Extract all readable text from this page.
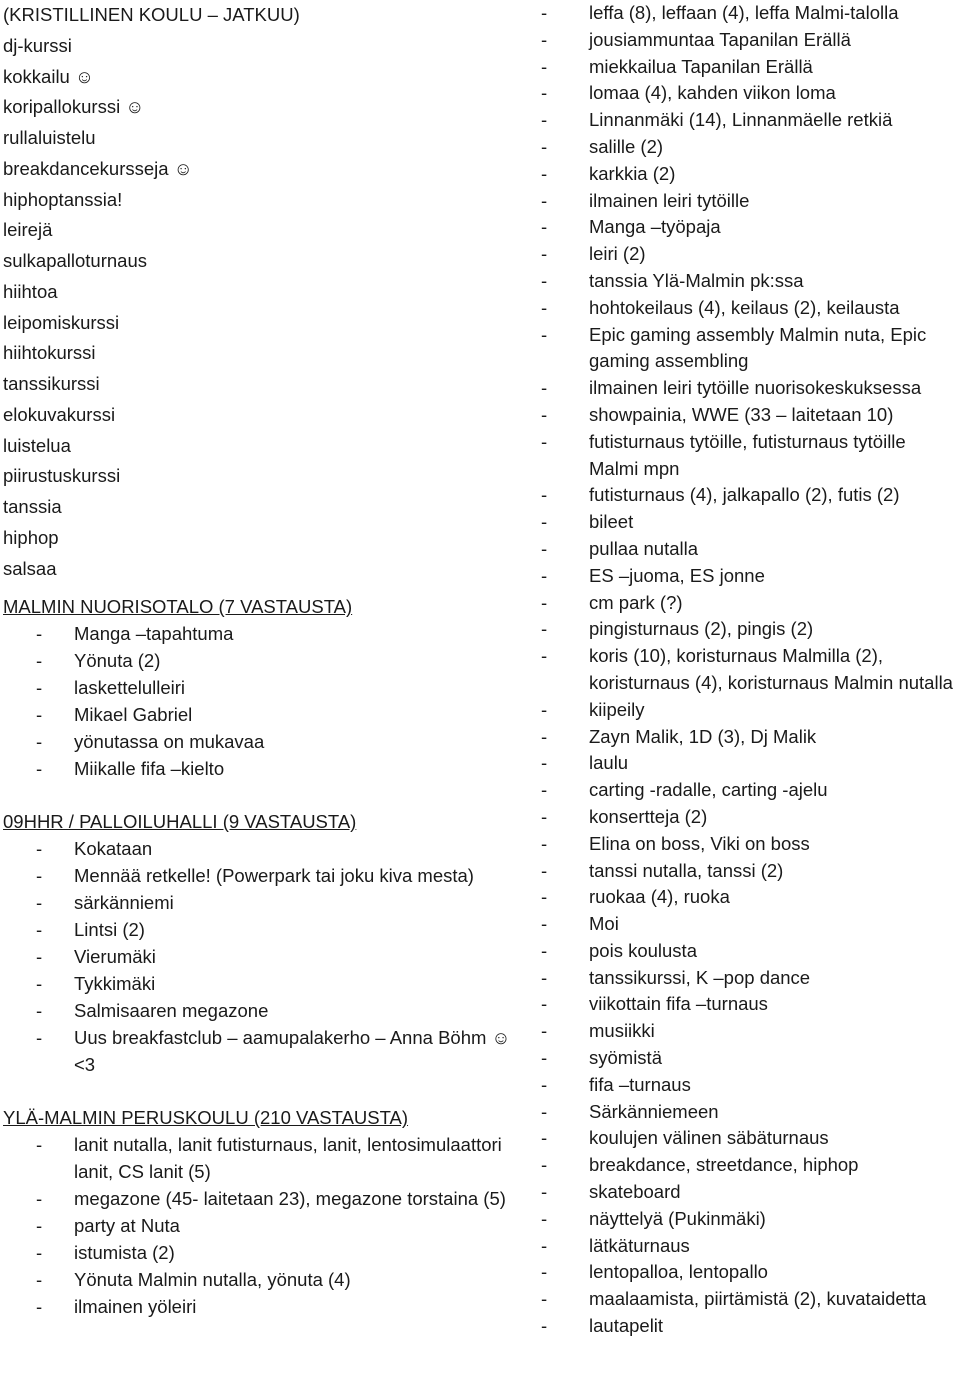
(KRISTILLINEN KOULU – JATKUU)
dj-kurssi
kokkailu ☺
koripallokurssi ☺
rullaluistelu
breakdancekursseja ☺
hiphoptanssia!
leirejä
sulkapalloturnaus
hiihtoa
leipomiskurssi
hiihtokurssi
tanssikurssi
elokuvakurssi
luistelua
piirustuskurssi
tanssia
hiphop
salsaa
MALMIN NUORISOTALO (7 VASTAUSTA)
- Manga –tapahtuma
- Yönuta (2)
- laskettelulleiri
- Mikael Gabriel
- yönutassa on mukavaa
- Miikalle fifa –kielto
09HHR / PALLOILUHALLI (9 VASTAUSTA)
- Kokataan
- Mennää retkelle! (Powerpark tai joku kiva mesta)
- särkänniemi
- Lintsi (2)
- Vierumäki
- Tykkimäki
- Salmisaaren megazone
- Uus breakfastclub – aamupalakerho – Anna Böhm ☺ <3
YLÄ-MALMIN PERUSKOULU (210 VASTAUSTA)
- lanit nutalla, lanit futisturnaus, lanit, lentosimulaattori lanit, CS lanit (5)
- megazone (45- laitetaan 23), megazone torstaina (5)
- party at Nuta
- istumista (2)
- Yönuta Malmin nutalla, yönuta (4)
- ilmainen yöleiri
- leffa (8), leffaan (4), leffa Malmi-talolla
- jousiammuntaa Tapanilan Erällä
- miekkailua Tapanilan Erällä
- lomaa (4), kahden viikon loma
- Linnanmäki (14), Linnanmäelle retkiä
- salille (2)
- karkkia (2)
- ilmainen leiri tytöille
- Manga –työpaja
- leiri (2)
- tanssia Ylä-Malmin pk:ssa
- hohtokeilaus (4), keilaus (2), keilausta
- Epic gaming assembly Malmin nuta, Epic gaming assembling
- ilmainen leiri tytöille nuorisokeskuksessa
- showpainia, WWE (33 – laitetaan 10)
- futisturnaus tytöille, futisturnaus tytöille Malmi mpn
- futisturnaus (4), jalkapallo (2), futis (2)
- bileet
- pullaa nutalla
- ES –juoma, ES jonne
- cm park (?)
- pingisturnaus (2), pingis (2)
- koris (10), koristurnaus Malmilla (2), koristurnaus (4), koristurnaus Malmin nutalla
- kiipeily
- Zayn Malik, 1D (3), Dj Malik
- laulu
- carting -radalle, carting -ajelu
- konsertteja (2)
- Elina on boss, Viki on boss
- tanssi nutalla, tanssi (2)
- ruokaa (4), ruoka
- Moi
- pois koulusta
- tanssikurssi, K –pop dance
- viikottain fifa –turnaus
- musiikki
- syömistä
- fifa –turnaus
- Särkänniemeen
- koulujen välinen säbäturnaus
- breakdance, streetdance, hiphop
- skateboard
- näyttelyä (Pukinmäki)
- lätkäturnaus
- lentopalloa, lentopallo
- maalaamista, piirtämistä (2), kuvataidetta
- lautapelit
